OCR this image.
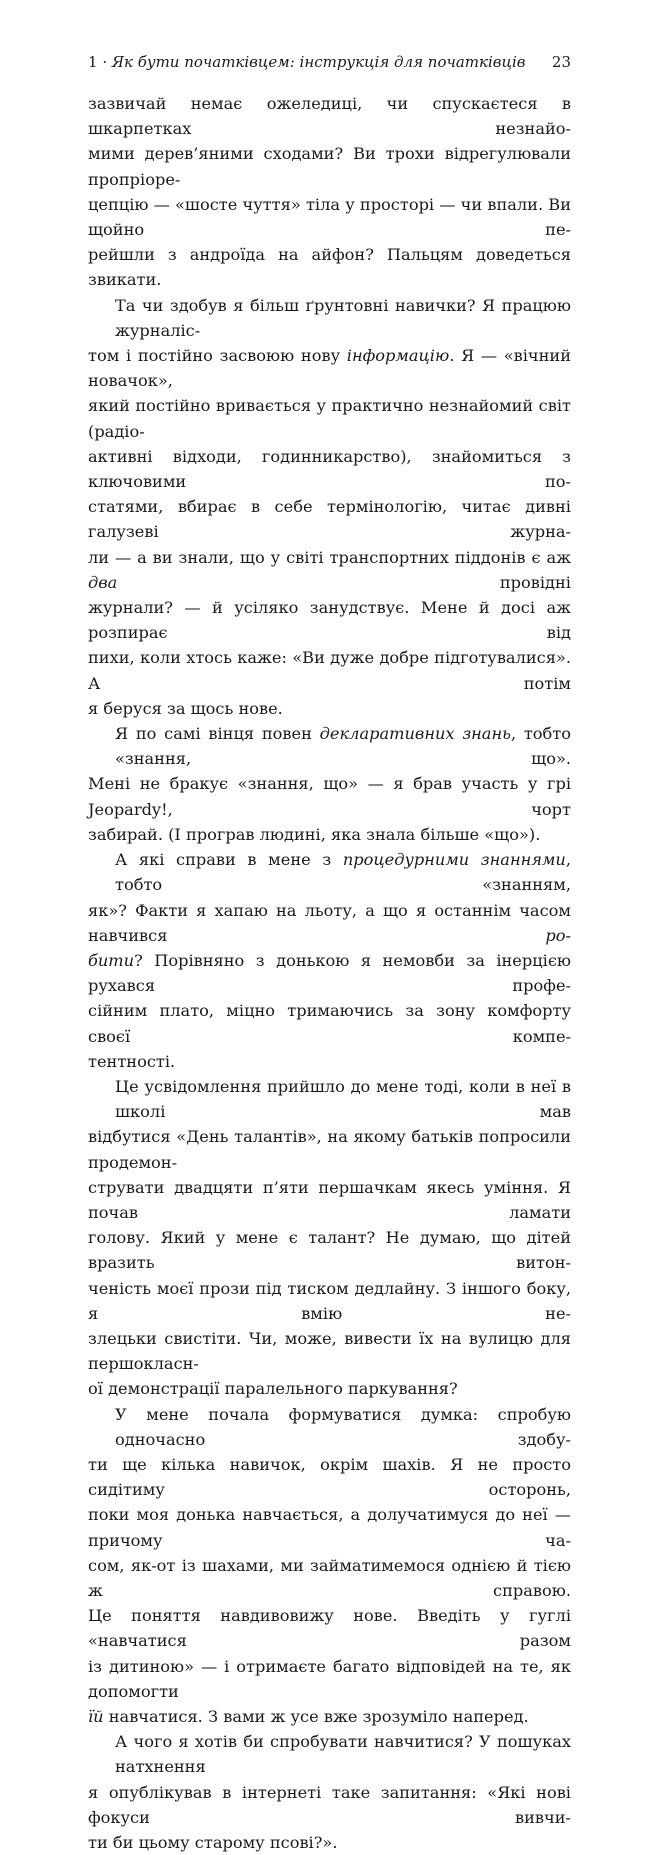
1 · Як бути початківцем: інструкція для початківців 23

зазвичай немає ожеледиці, чи спускаєтеся в шкарпетках незнайо-
мими дерев’яними сходами? Ви трохи відрегулювали пропріоре-
цепцію — «шосте чуття» тіла у просторі — чи впали. Ви щойно пе-
рейшли з андроїда на айфон? Пальцям доведеться звикати.

Та чи здобув я більш ґрунтовні навички? Я працюю журналіс-
том і постійно засвоюю нову інформацію. Я — «вічний новачок»,
який постійно вривається у практично незнайомий світ (радіо-
активні відходи, годинникарство), знайомиться з ключовими по-
статями, вбирає в себе термінологію, читає дивні галузеві журна-
ли — а ви знали, що у світі транспортних піддонів є аж два провідні
журнали? — й усіляко занудствує. Мене й досі аж розпирає від
пихи, коли хтось каже: «Ви дуже добре підготувалися». А потім
я беруся за щось нове.

Я по самі вінця повен декларативних знань, тобто «знання, що».
Мені не бракує «знання, що» — я брав участь у грі Jeopardy!, чорт
забирай. (І програв людині, яка знала більше «що»).

А які справи в мене з процедурними знаннями, тобто «знанням,
як»? Факти я хапаю на льоту, а що я останнім часом навчився ро-
бити? Порівняно з донькою я немовби за інерцією рухався профе-
сійним плато, міцно тримаючись за зону комфорту своєї компе-
тентності.

Це усвідомлення прийшло до мене тоді, коли в неї в школі мав
відбутися «День талантів», на якому батьків попросили продемон-
струвати двадцяти п’яти першачкам якесь уміння. Я почав ламати
голову. Який у мене є талант? Не думаю, що дітей вразить витон-
ченість моєї прози під тиском дедлайну. З іншого боку, я вмію не-
злецьки свистіти. Чи, може, вивести їх на вулицю для першокласн-
ої демонстрації паралельного паркування?

У мене почала формуватися думка: спробую одночасно здобу-
ти ще кілька навичок, окрім шахів. Я не просто сидітиму осторонь,
поки моя донька навчається, а долучатимуся до неї — причому ча-
сом, як-от із шахами, ми займатимемося однією й тією ж справою.
Це поняття навдивовижу нове. Введіть у гуглі «навчатися разом
із дитиною» — і отримаєте багато відповідей на те, як допомогти
їй навчатися. З вами ж усе вже зрозуміло наперед.

А чого я хотів би спробувати навчитися? У пошуках натхнення
я опублікував в інтернеті таке запитання: «Які нові фокуси вивчи-
ти би цьому старому псові?».
